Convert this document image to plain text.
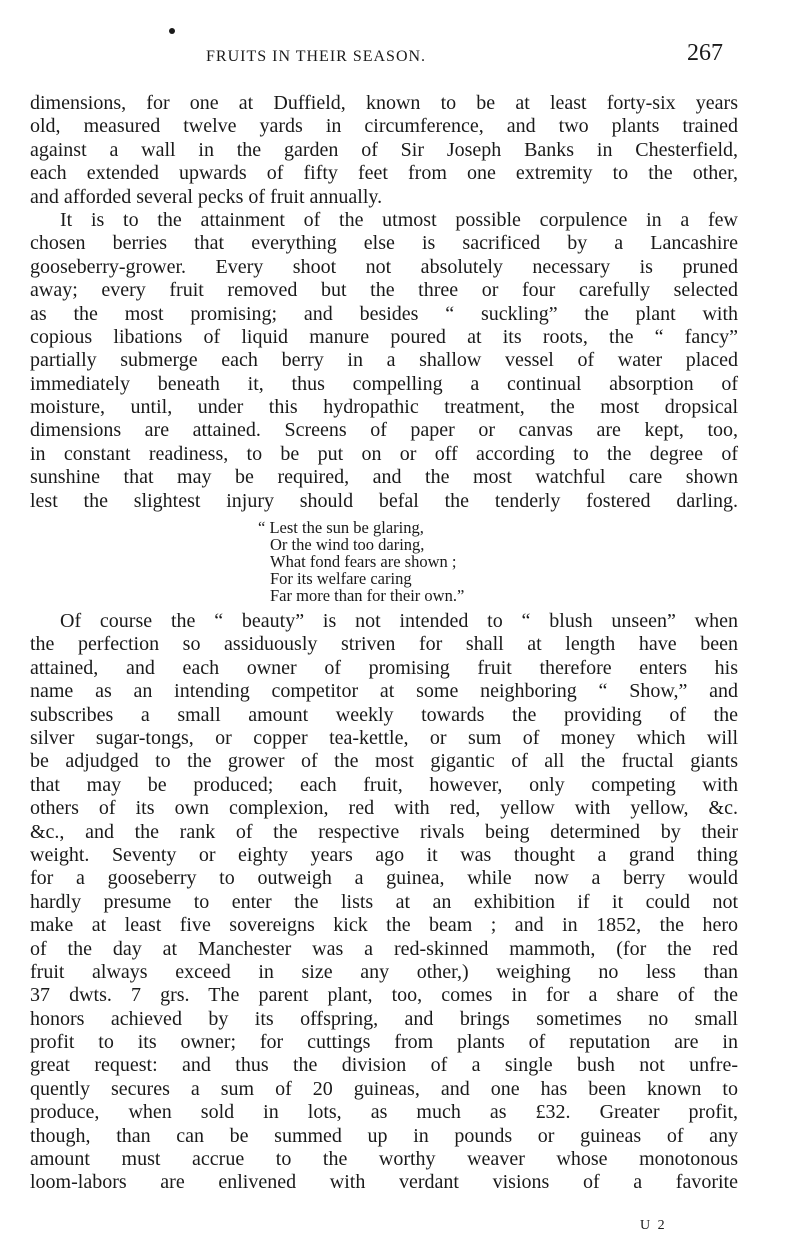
FRUITS IN THEIR SEASON.	267
dimensions, for one at Duffield, known to be at least forty-six years
old, measured twelve yards in circumference, and two plants trained
against a wall in the garden of Sir Joseph Banks in Chesterfield,
each extended upwards of fifty feet from one extremity to the other,
and afforded several pecks of fruit annually.
It is to the attainment of the utmost possible corpulence in a few
chosen berries that everything else is sacrificed by a Lancashire
gooseberry-grower. Every shoot not absolutely necessary is pruned
away; every fruit removed but the three or four carefully selected
as the most promising; and besides “ suckling” the plant with
copious libations of liquid manure poured at its roots, the “ fancy”
partially submerge each berry in a shallow vessel of water placed
immediately beneath it, thus compelling a continual absorption of
moisture, until, under this hydropathic treatment, the most dropsical
dimensions are attained. Screens of paper or canvas are kept, too,
in constant readiness, to be put on or off according to the degree of
sunshine that may be required, and the most watchful care shown
lest the slightest injury should befal the tenderly fostered darling.
“ Lest the sun be glaring,
Or the wind too daring,
What fond fears are shown ;
For its welfare caring
Far more than for their own.”
Of course the “ beauty” is not intended to “ blush unseen” when
the perfection so assiduously striven for shall at length have been
attained, and each owner of promising fruit therefore enters his
name as an intending competitor at some neighboring “ Show,” and
subscribes a small amount weekly towards the providing of the
silver sugar-tongs, or copper tea-kettle, or sum of money which will
be adjudged to the grower of the most gigantic of all the fructal giants
that may be produced; each fruit, however, only competing with
others of its own complexion, red with red, yellow with yellow, &c.
&c., and the rank of the respective rivals being determined by their
weight. Seventy or eighty years ago it was thought a grand thing
for a gooseberry to outweigh a guinea, while now a berry would
hardly presume to enter the lists at an exhibition if it could not
make at least five sovereigns kick the beam ; and in 1852, the hero
of the day at Manchester was a red-skinned mammoth, (for the red
fruit always exceed in size any other,) weighing no less than
37 dwts. 7 grs. The parent plant, too, comes in for a share of the
honors achieved by its offspring, and brings sometimes no small
profit to its owner; for cuttings from plants of reputation are in
great request: and thus the division of a single bush not unfre-
quently secures a sum of 20 guineas, and one has been known to
produce, when sold in lots, as much as £32. Greater profit,
though, than can be summed up in pounds or guineas of any
amount must accrue to the worthy weaver whose monotonous
loom-labors are enlivened with verdant visions of a favorite
U 2
